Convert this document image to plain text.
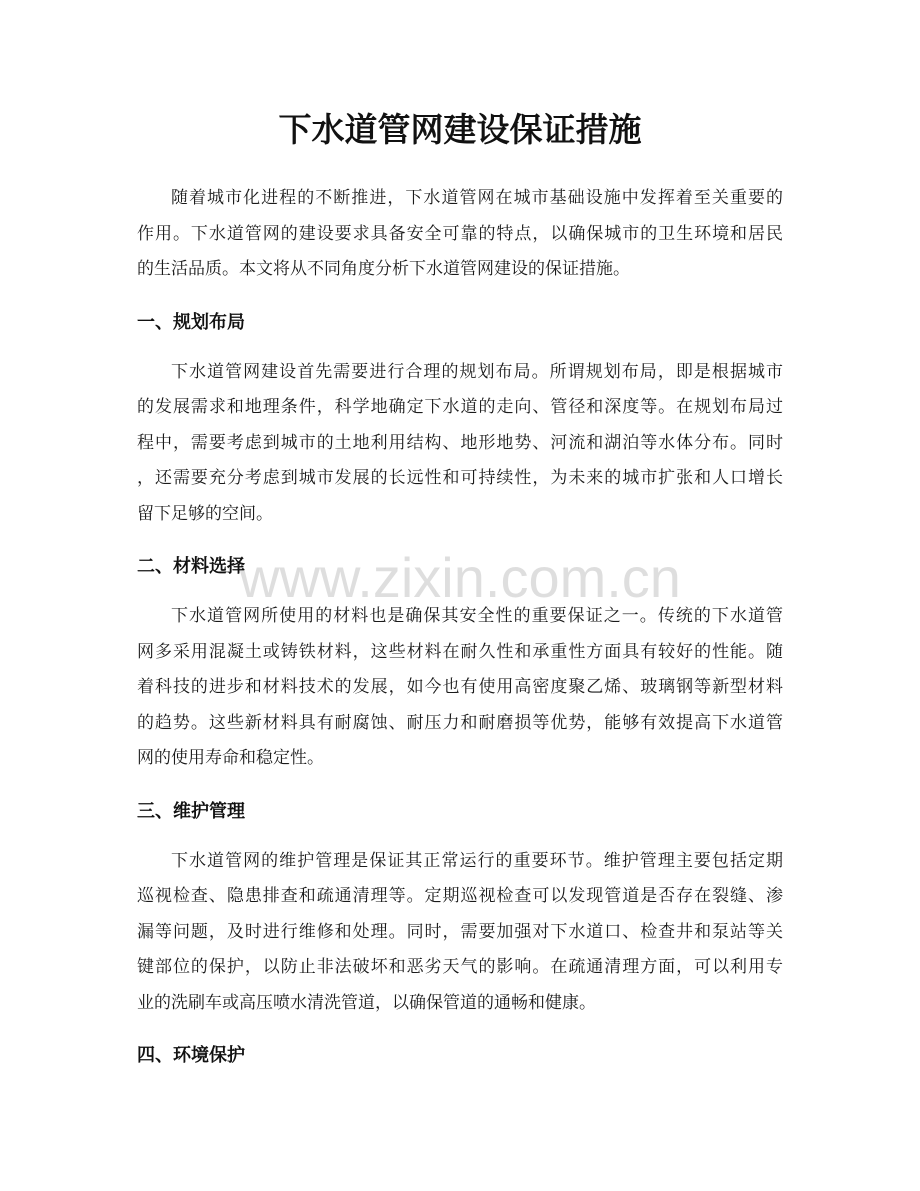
下水道管网建设保证措施
随着城市化进程的不断推进，下水道管网在城市基础设施中发挥着至关重要的
作用。下水道管网的建设要求具备安全可靠的特点，以确保城市的卫生环境和居民
的生活品质。本文将从不同角度分析下水道管网建设的保证措施。
一、规划布局
下水道管网建设首先需要进行合理的规划布局。所谓规划布局，即是根据城市
的发展需求和地理条件，科学地确定下水道的走向、管径和深度等。在规划布局过
程中，需要考虑到城市的土地利用结构、地形地势、河流和湖泊等水体分布。同时
，还需要充分考虑到城市发展的长远性和可持续性，为未来的城市扩张和人口增长
留下足够的空间。
二、材料选择
下水道管网所使用的材料也是确保其安全性的重要保证之一。传统的下水道管
网多采用混凝土或铸铁材料，这些材料在耐久性和承重性方面具有较好的性能。随
着科技的进步和材料技术的发展，如今也有使用高密度聚乙烯、玻璃钢等新型材料
的趋势。这些新材料具有耐腐蚀、耐压力和耐磨损等优势，能够有效提高下水道管
网的使用寿命和稳定性。
三、维护管理
下水道管网的维护管理是保证其正常运行的重要环节。维护管理主要包括定期
巡视检查、隐患排查和疏通清理等。定期巡视检查可以发现管道是否存在裂缝、渗
漏等问题，及时进行维修和处理。同时，需要加强对下水道口、检查井和泵站等关
键部位的保护，以防止非法破坏和恶劣天气的影响。在疏通清理方面，可以利用专
业的洗刷车或高压喷水清洗管道，以确保管道的通畅和健康。
四、环境保护
www.zixin.com.cn
